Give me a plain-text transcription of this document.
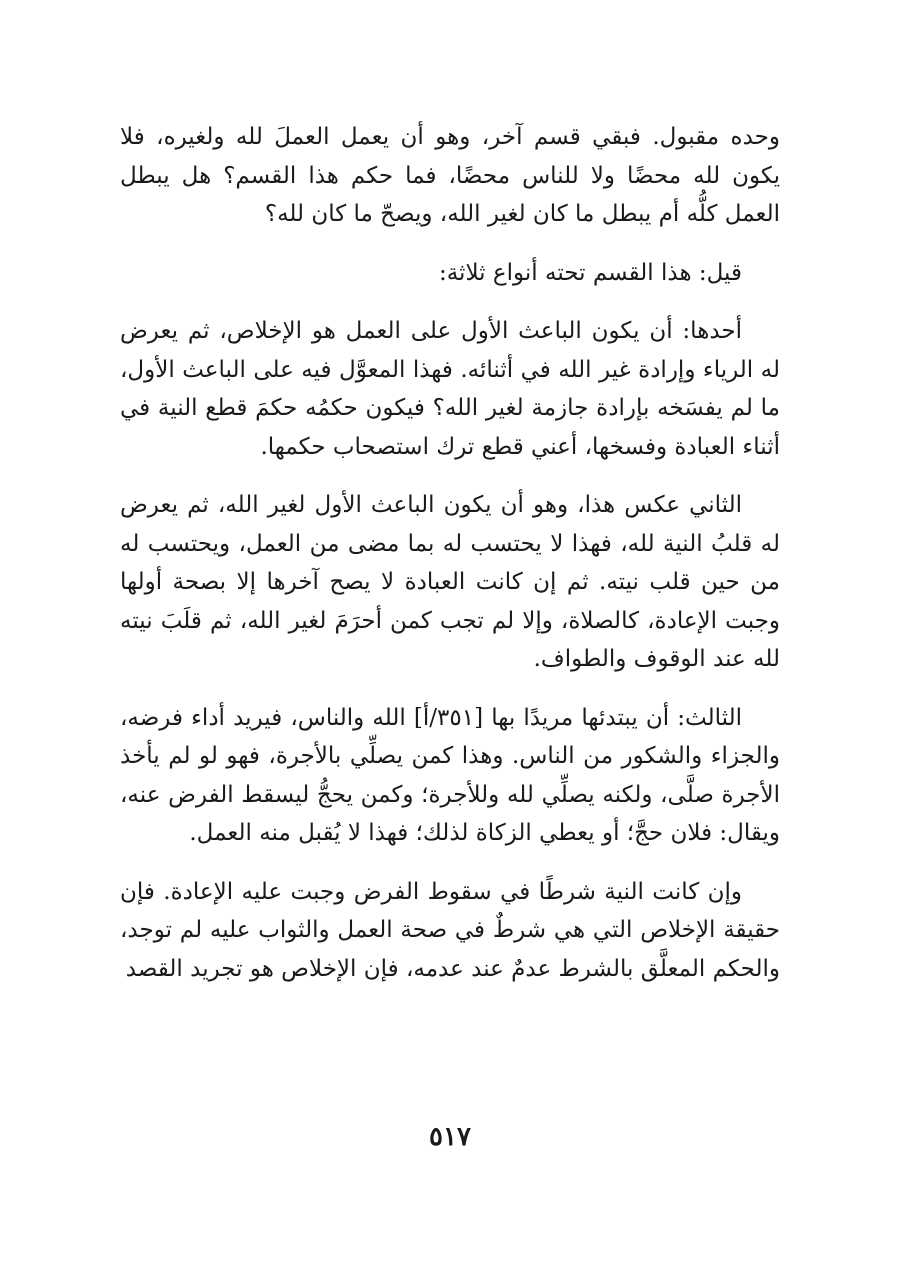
وحده مقبول. فبقي قسم آخر، وهو أن يعمل العملَ لله ولغيره، فلا يكون لله محضًا ولا للناس محضًا، فما حكم هذا القسم؟ هل يبطل العمل كلُّه أم يبطل ما كان لغير الله، ويصحّ ما كان لله؟

قيل: هذا القسم تحته أنواع ثلاثة:

أحدها: أن يكون الباعث الأول على العمل هو الإخلاص، ثم يعرض له الرياء وإرادة غير الله في أثنائه. فهذا المعوَّل فيه على الباعث الأول، ما لم يفسَخه بإرادة جازمة لغير الله؟ فيكون حكمُه حكمَ قطع النية في أثناء العبادة وفسخها، أعني قطع ترك استصحاب حكمها.

الثاني عكس هذا، وهو أن يكون الباعث الأول لغير الله، ثم يعرض له قلبُ النية لله، فهذا لا يحتسب له بما مضى من العمل، ويحتسب له من حين قلب نيته. ثم إن كانت العبادة لا يصح آخرها إلا بصحة أولها وجبت الإعادة، كالصلاة، وإلا لم تجب كمن أحرَمَ لغير الله، ثم قلَبَ نيته لله عند الوقوف والطواف.

الثالث: أن يبتدئها مريدًا بها [٣٥١/أ] الله والناس، فيريد أداء فرضه، والجزاء والشكور من الناس. وهذا كمن يصلِّي بالأجرة، فهو لو لم يأخذ الأجرة صلَّى، ولكنه يصلِّي لله وللأجرة؛ وكمن يحجُّ ليسقط الفرض عنه، ويقال: فلان حجَّ؛ أو يعطي الزكاة لذلك؛ فهذا لا يُقبل منه العمل.

وإن كانت النية شرطًا في سقوط الفرض وجبت عليه الإعادة. فإن حقيقة الإخلاص التي هي شرطٌ في صحة العمل والثواب عليه لم توجد، والحكم المعلَّق بالشرط عدمٌ عند عدمه، فإن الإخلاص هو تجريد القصد

٥١٧
